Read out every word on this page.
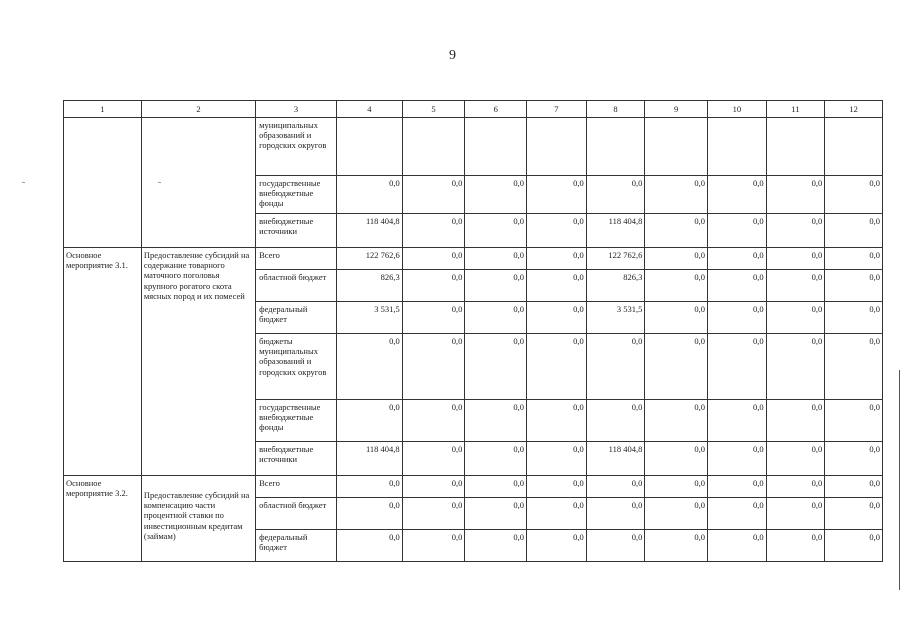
9
1	2	3	4	5	6	7	8	9	10	11	12
		муниципальных образований и городских округов									
		государственные внебюджетные фонды	0,0	0,0	0,0	0,0	0,0	0,0	0,0	0,0	0,0
		внебюджетные источники	118 404,8	0,0	0,0	0,0	118 404,8	0,0	0,0	0,0	0,0
Основное мероприятие 3.1.	Предоставление субсидий на содержание товарного маточного поголовья крупного рогатого скота мясных пород и их помесей	Всего	122 762,6	0,0	0,0	0,0	122 762,6	0,0	0,0	0,0	0,0
		областной бюджет	826,3	0,0	0,0	0,0	826,3	0,0	0,0	0,0	0,0
		федеральный бюджет	3 531,5	0,0	0,0	0,0	3 531,5	0,0	0,0	0,0	0,0
		бюджеты муниципальных образований и городских округов	0,0	0,0	0,0	0,0	0,0	0,0	0,0	0,0	0,0
		государственные внебюджетные фонды	0,0	0,0	0,0	0,0	0,0	0,0	0,0	0,0	0,0
		внебюджетные источники	118 404,8	0,0	0,0	0,0	118 404,8	0,0	0,0	0,0	0,0
Основное мероприятие 3.2.	Предоставление субсидий на компенсацию части процентной ставки по инвестиционным кредитам (займам)	Всего	0,0	0,0	0,0	0,0	0,0	0,0	0,0	0,0	0,0
		областной бюджет	0,0	0,0	0,0	0,0	0,0	0,0	0,0	0,0	0,0
		федеральный бюджет	0,0	0,0	0,0	0,0	0,0	0,0	0,0	0,0	0,0
